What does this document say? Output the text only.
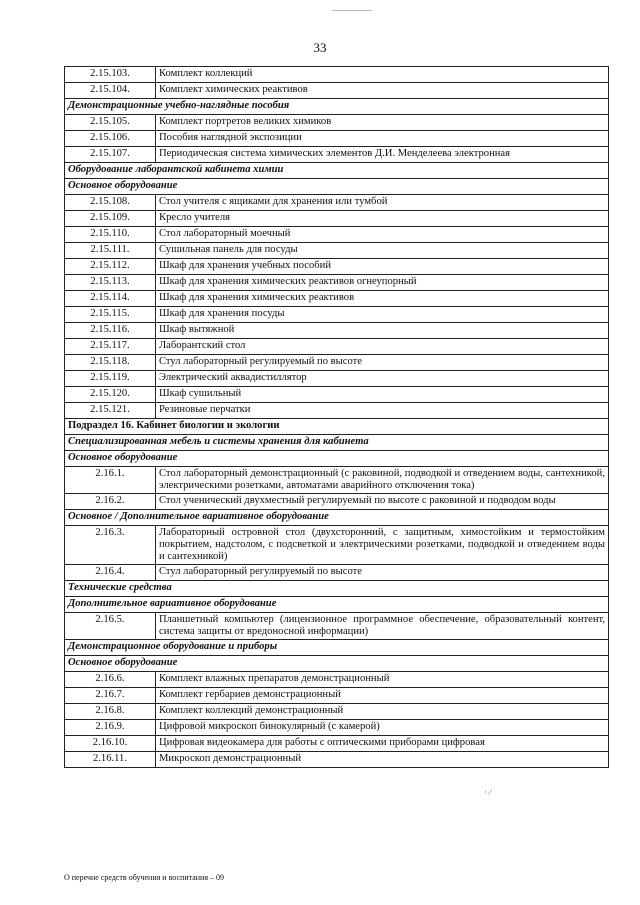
33
2.15.103.	Комплект коллекций
2.15.104.	Комплект химических реактивов
Демонстрационные учебно-наглядные пособия	
2.15.105.	Комплект портретов великих химиков
2.15.106.	Пособия наглядной экспозиции
2.15.107.	Периодическая система химических элементов Д.И. Менделеева электронная
Оборудование лаборантской кабинета химии	
Основное оборудование	
2.15.108.	Стол учителя с ящиками для хранения или тумбой
2.15.109.	Кресло учителя
2.15.110.	Стол лабораторный моечный
2.15.111.	Сушильная панель для посуды
2.15.112.	Шкаф для хранения учебных пособий
2.15.113.	Шкаф для хранения химических реактивов огнеупорный
2.15.114.	Шкаф для хранения химических реактивов
2.15.115.	Шкаф для хранения посуды
2.15.116.	Шкаф вытяжной
2.15.117.	Лаборантский стол
2.15.118.	Стул лабораторный регулируемый по высоте
2.15.119.	Электрический аквадистиллятор
2.15.120.	Шкаф сушильный
2.15.121.	Резиновые перчатки
Подраздел 16. Кабинет биологии и экологии	
Специализированная мебель и системы хранения для кабинета	
Основное оборудование	
2.16.1.	Стол лабораторный демонстрационный (с раковиной, подводкой и отведением воды, сантехникой, электрическими розетками, автоматами аварийного отключения тока)
2.16.2.	Стол ученический двухместный регулируемый по высоте с раковиной и подводом воды
Основное / Дополнительное вариативное оборудование	
2.16.3.	Лабораторный островной стол (двухсторонний, с защитным, химостойким и термостойким покрытием, надстолом, с подсветкой и электрическими розетками, подводкой и отведением воды и сантехникой)
2.16.4.	Стул лабораторный регулируемый по высоте
Технические средства	
Дополнительное вариативное оборудование	
2.16.5.	Планшетный компьютер (лицензионное программное обеспечение, образовательный контент, система защиты от вредоносной информации)
Демонстрационное оборудование и приборы	
Основное оборудование	
2.16.6.	Комплект влажных препаратов демонстрационный
2.16.7.	Комплект гербариев демонстрационный
2.16.8.	Комплект коллекций демонстрационный
2.16.9.	Цифровой микроскоп бинокулярный (с камерой)
2.16.10.	Цифровая видеокамера для работы с оптическими приборами цифровая
2.16.11.	Микроскоп демонстрационный
· ∕
О перечне средств обучения и воспитания – 09
